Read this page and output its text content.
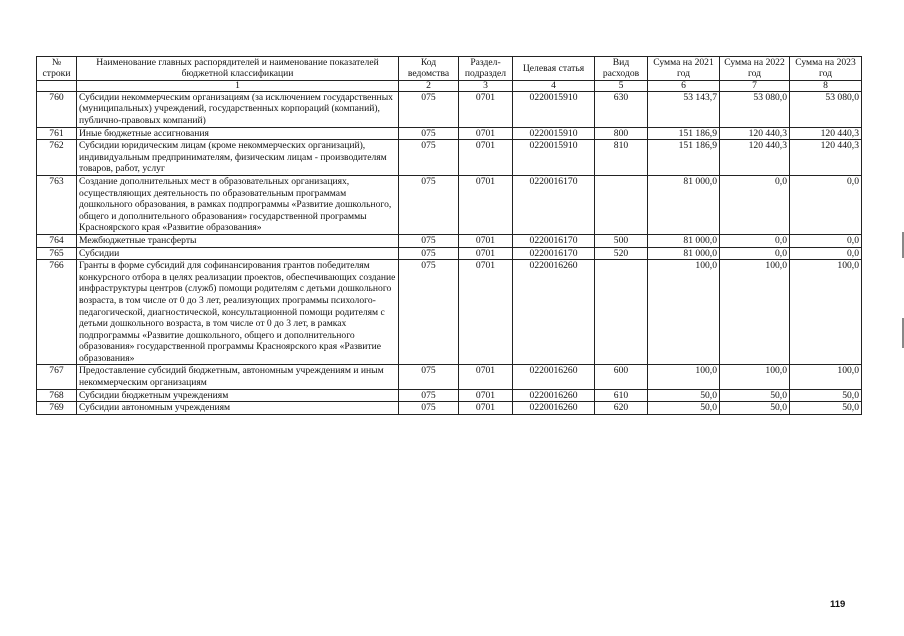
№ строки	Наименование главных распорядителей и наименование показателей бюджетной классификации	Код ведомства	Раздел-подраздел	Целевая статья	Вид расходов	Сумма на 2021 год	Сумма на 2022 год	Сумма на 2023 год
	1	2	3	4	5	6	7	8
760	Субсидии некоммерческим организациям (за исключением государственных (муниципальных) учреждений, государственных корпораций (компаний), публично-правовых компаний)	075	0701	0220015910	630	53 143,7	53 080,0	53 080,0
761	Иные бюджетные ассигнования	075	0701	0220015910	800	151 186,9	120 440,3	120 440,3
762	Субсидии юридическим лицам (кроме некоммерческих организаций), индивидуальным предпринимателям, физическим лицам - производителям товаров, работ, услуг	075	0701	0220015910	810	151 186,9	120 440,3	120 440,3
763	Создание дополнительных мест в образовательных организациях, осуществляющих деятельность по образовательным программам дошкольного образования, в рамках подпрограммы «Развитие дошкольного, общего и дополнительного образования» государственной программы Красноярского края «Развитие образования»	075	0701	0220016170		81 000,0	0,0	0,0
764	Межбюджетные трансферты	075	0701	0220016170	500	81 000,0	0,0	0,0
765	Субсидии	075	0701	0220016170	520	81 000,0	0,0	0,0
766	Гранты в форме субсидий для софинансирования грантов победителям конкурсного отбора в целях реализации проектов, обеспечивающих создание инфраструктуры центров (служб) помощи родителям с детьми дошкольного возраста, в том числе от 0 до 3 лет, реализующих программы психолого-педагогической, диагностической, консультационной помощи родителям с детьми дошкольного возраста, в том числе от 0 до 3 лет, в рамках подпрограммы «Развитие дошкольного, общего и дополнительного образования» государственной программы Красноярского края «Развитие образования»	075	0701	0220016260		100,0	100,0	100,0
767	Предоставление субсидий бюджетным, автономным учреждениям и иным некоммерческим организациям	075	0701	0220016260	600	100,0	100,0	100,0
768	Субсидии бюджетным учреждениям	075	0701	0220016260	610	50,0	50,0	50,0
769	Субсидии автономным учреждениям	075	0701	0220016260	620	50,0	50,0	50,0
119
